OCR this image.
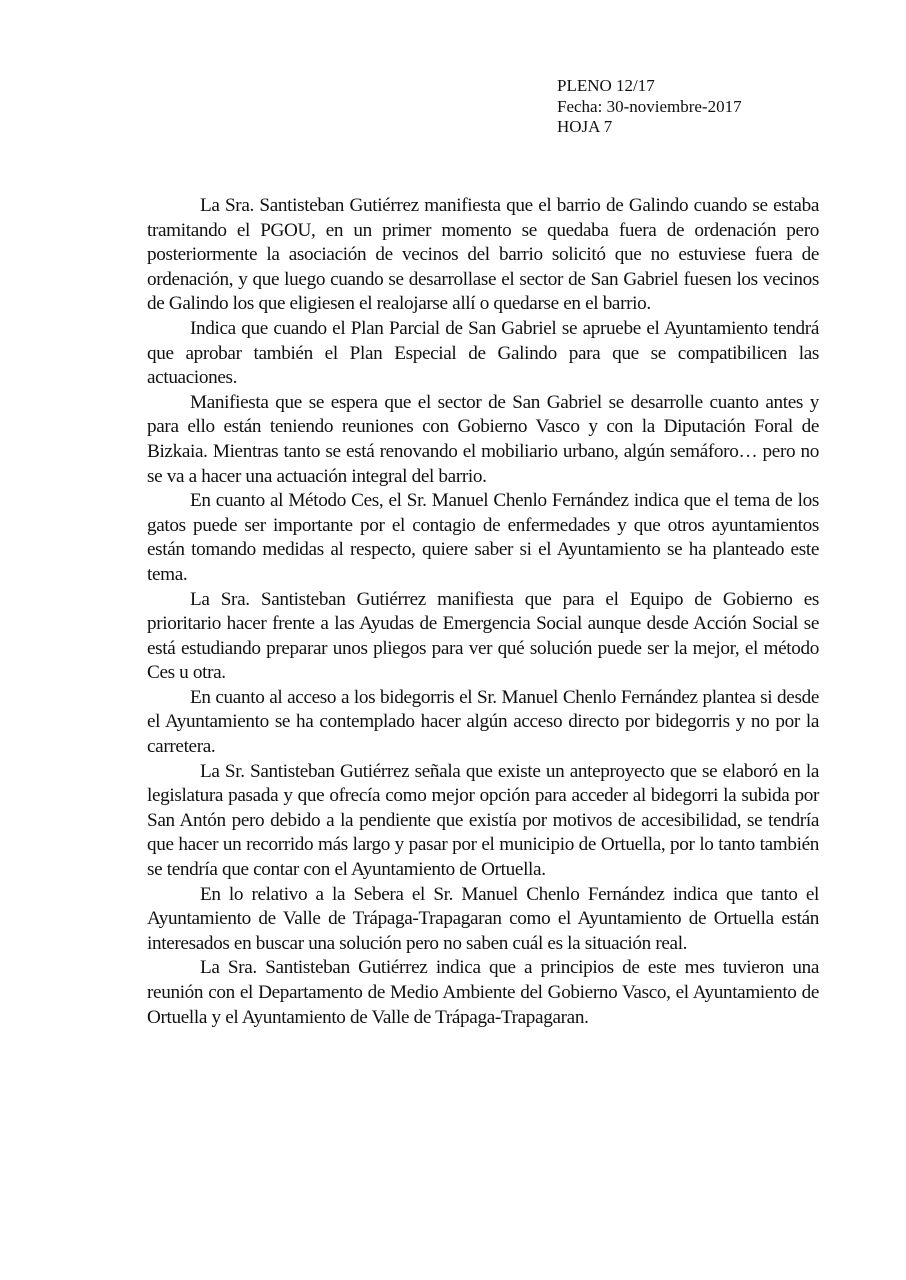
PLENO 12/17
Fecha: 30-noviembre-2017
HOJA 7

La Sra. Santisteban Gutiérrez manifiesta que el barrio de Galindo cuando se estaba tramitando el PGOU, en un primer momento se quedaba fuera de ordenación pero posteriormente la asociación de vecinos del barrio solicitó que no estuviese fuera de ordenación, y que luego cuando se desarrollase el sector de San Gabriel fuesen los vecinos de Galindo los que eligiesen el realojarse allí o quedarse en el barrio.

Indica que cuando el Plan Parcial de San Gabriel se apruebe el Ayuntamiento tendrá que aprobar también el Plan Especial de Galindo para que se compatibilicen las actuaciones.

Manifiesta que se espera que el sector de San Gabriel se desarrolle cuanto antes y para ello están teniendo reuniones con Gobierno Vasco y con la Diputación Foral de Bizkaia. Mientras tanto se está renovando el mobiliario urbano, algún semáforo… pero no se va a hacer una actuación integral del barrio.

En cuanto al Método Ces, el Sr. Manuel Chenlo Fernández indica que el tema de los gatos puede ser importante por el contagio de enfermedades y que otros ayuntamientos están tomando medidas al respecto, quiere saber si el Ayuntamiento se ha planteado este tema.

La Sra. Santisteban Gutiérrez manifiesta que para el Equipo de Gobierno es prioritario hacer frente a las Ayudas de Emergencia Social aunque desde Acción Social se está estudiando preparar unos pliegos para ver qué solución puede ser la mejor, el método Ces u otra.

En cuanto al acceso a los bidegorris el Sr. Manuel Chenlo Fernández plantea si desde el Ayuntamiento se ha contemplado hacer algún acceso directo por bidegorris y no por la carretera.

La Sr. Santisteban Gutiérrez señala que existe un anteproyecto que se elaboró en la legislatura pasada y que ofrecía como mejor opción para acceder al bidegorri la subida por San Antón pero debido a la pendiente que existía por motivos de accesibilidad, se tendría que hacer un recorrido más largo y pasar por el municipio de Ortuella, por lo tanto también se tendría que contar con el Ayuntamiento de Ortuella.

En lo relativo a la Sebera el Sr. Manuel Chenlo Fernández indica que tanto el Ayuntamiento de Valle de Trápaga-Trapagaran como el Ayuntamiento de Ortuella están interesados en buscar una solución pero no saben cuál es la situación real.

La Sra. Santisteban Gutiérrez indica que a principios de este mes tuvieron una reunión con el Departamento de Medio Ambiente del Gobierno Vasco, el Ayuntamiento de Ortuella y el Ayuntamiento de Valle de Trápaga-Trapagaran.
